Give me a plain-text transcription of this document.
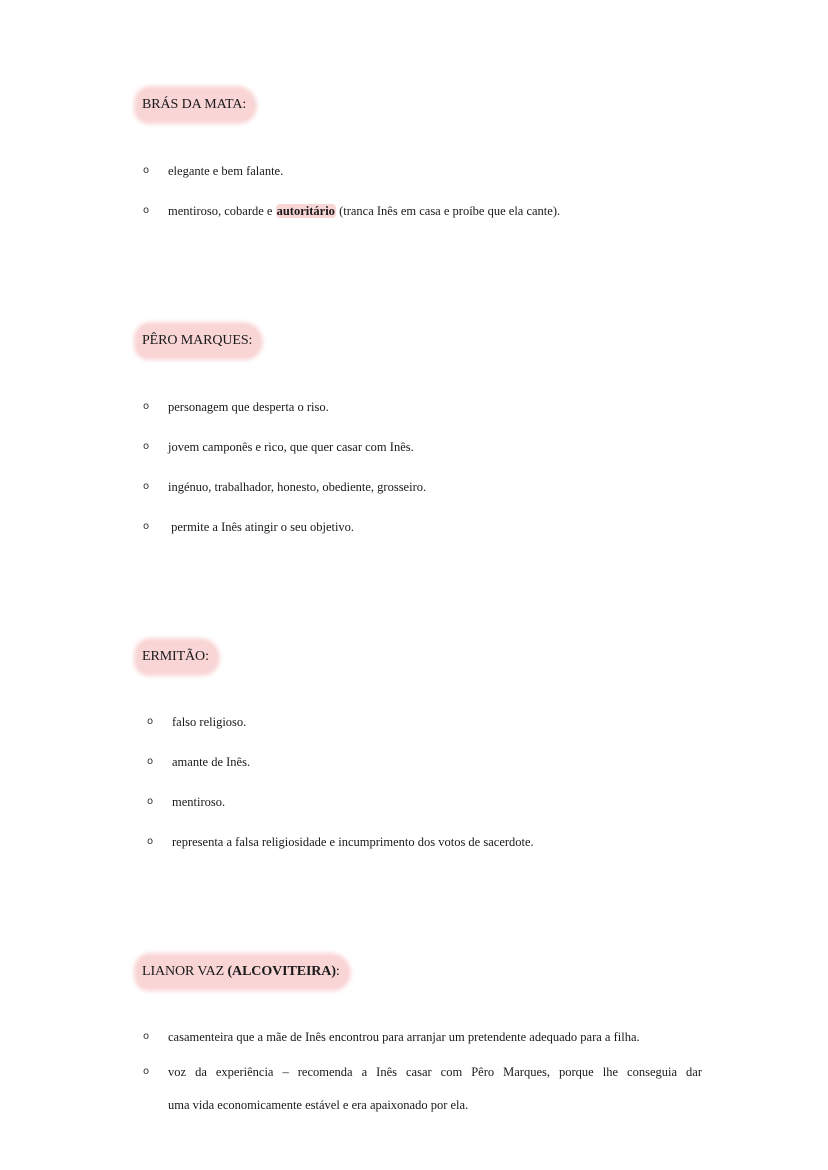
BRÁS DA MATA:
o elegante e bem falante.
o mentiroso, cobarde e autoritário (tranca Inês em casa e proíbe que ela cante).
PÊRO MARQUES:
o personagem que desperta o riso.
o jovem camponês e rico, que quer casar com Inês.
o ingénuo, trabalhador, honesto, obediente, grosseiro.
o permite a Inês atingir o seu objetivo.
ERMITÃO:
o falso religioso.
o amante de Inês.
o mentiroso.
o representa a falsa religiosidade e incumprimento dos votos de sacerdote.
LIANOR VAZ (ALCOVITEIRA):
o casamenteira que a mãe de Inês encontrou para arranjar um pretendente adequado para a filha.
o voz da experiência – recomenda a Inês casar com Pêro Marques, porque lhe conseguia dar
uma vida economicamente estável e era apaixonado por ela.
